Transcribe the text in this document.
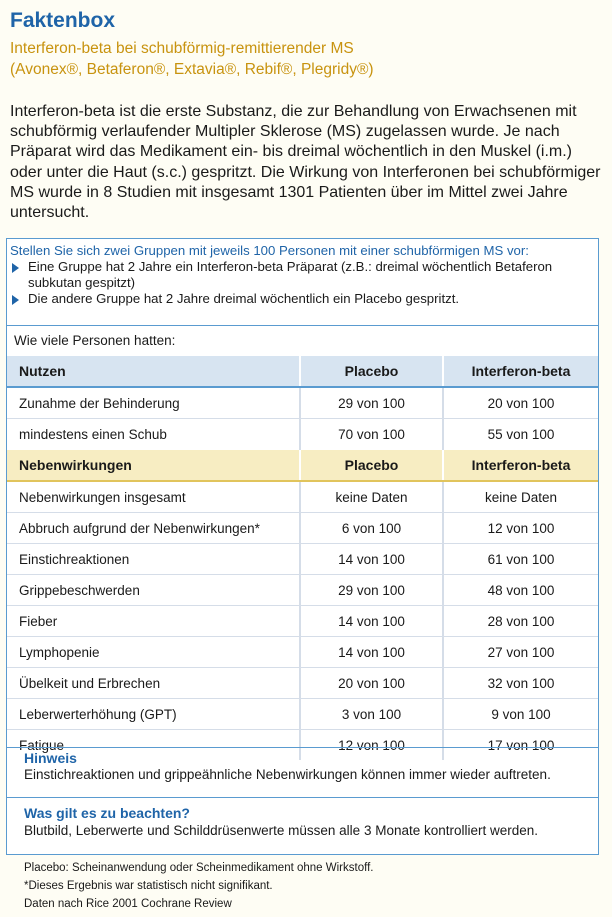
Faktenbox
Interferon-beta bei schubförmig-remittierender MS
(Avonex®, Betaferon®, Extavia®, Rebif®, Plegridy®)
Interferon-beta ist die erste Substanz, die zur Behandlung von Erwachsenen mit schubförmig verlaufender Multipler Sklerose (MS) zugelassen wurde. Je nach Präparat wird das Medikament ein- bis dreimal wöchentlich in den Muskel (i.m.) oder unter die Haut (s.c.) gespritzt. Die Wirkung von Interferonen bei schubförmiger MS wurde in 8 Studien mit insgesamt 1301 Patienten über im Mittel zwei Jahre untersucht.
Stellen Sie sich zwei Gruppen mit jeweils 100 Personen mit einer schubförmigen MS vor:
Eine Gruppe hat 2 Jahre ein Interferon-beta Präparat (z.B.: dreimal wöchentlich Betaferon subkutan gespitzt)
Die andere Gruppe hat 2 Jahre dreimal wöchentlich ein Placebo gespritzt.
Wie viele Personen hatten:
Nutzen	Placebo	Interferon-beta
Zunahme der Behinderung	29 von 100	20 von 100
mindestens einen Schub	70 von 100	55 von 100
Nebenwirkungen	Placebo	Interferon-beta
Nebenwirkungen insgesamt	keine Daten	keine Daten
Abbruch aufgrund der Nebenwirkungen*	6 von 100	12 von 100
Einstichreaktionen	14 von 100	61 von 100
Grippebeschwerden	29 von 100	48 von 100
Fieber	14 von 100	28 von 100
Lymphopenie	14 von 100	27 von 100
Übelkeit und Erbrechen	20 von 100	32 von 100
Leberwerterhöhung (GPT)	3 von 100	9 von 100
Fatigue	12 von 100	17 von 100
Hinweis
Einstichreaktionen und grippeähnliche Nebenwirkungen können immer wieder auftreten.
Was gilt es zu beachten?
Blutbild, Leberwerte und Schilddrüsenwerte müssen alle 3 Monate kontrolliert werden.
Placebo: Scheinanwendung oder Scheinmedikament ohne Wirkstoff.
*Dieses Ergebnis war statistisch nicht signifikant.
Daten nach Rice 2001 Cochrane Review
